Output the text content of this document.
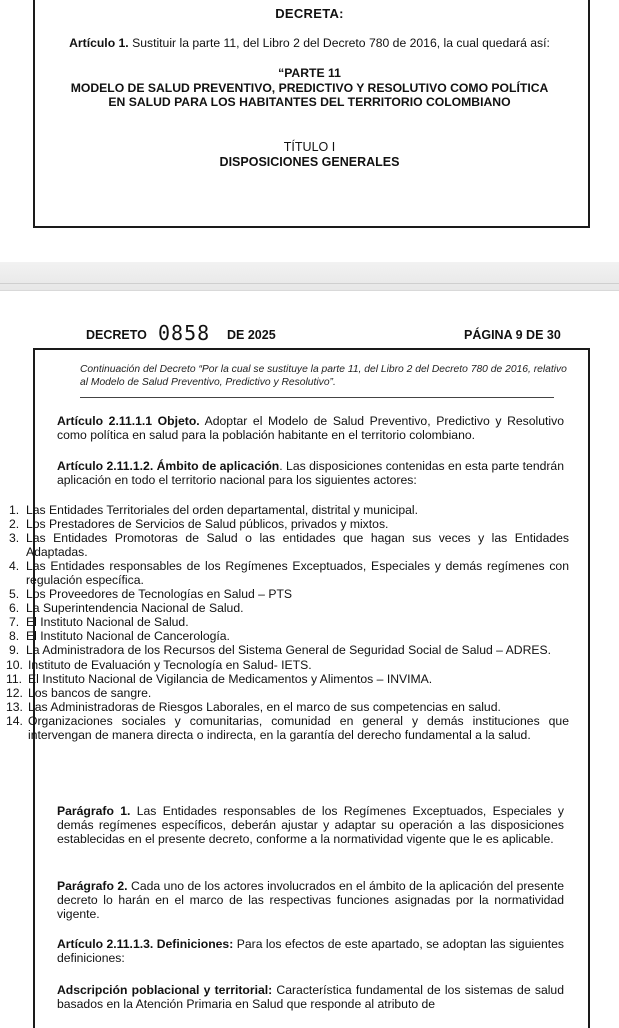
DECRETA:
Artículo 1. Sustituir la parte 11, del Libro 2 del Decreto 780 de 2016, la cual quedará así:
“PARTE 11
MODELO DE SALUD PREVENTIVO, PREDICTIVO Y RESOLUTIVO COMO POLÍTICA
EN SALUD PARA LOS HABITANTES DEL TERRITORIO COLOMBIANO
TÍTULO I
DISPOSICIONES GENERALES
DECRETO 0858 DE 2025	PÁGINA 9 DE 30
Continuación del Decreto “Por la cual se sustituye la parte 11, del Libro 2 del Decreto 780 de 2016, relativo al Modelo de Salud Preventivo, Predictivo y Resolutivo”.
Artículo 2.11.1.1 Objeto. Adoptar el Modelo de Salud Preventivo, Predictivo y Resolutivo como política en salud para la población habitante en el territorio colombiano.
Artículo 2.11.1.2. Ámbito de aplicación. Las disposiciones contenidas en esta parte tendrán aplicación en todo el territorio nacional para los siguientes actores:
1. Las Entidades Territoriales del orden departamental, distrital y municipal.
2. Los Prestadores de Servicios de Salud públicos, privados y mixtos.
3. Las Entidades Promotoras de Salud o las entidades que hagan sus veces y las Entidades Adaptadas.
4. Las Entidades responsables de los Regímenes Exceptuados, Especiales y demás regímenes con regulación específica.
5. Los Proveedores de Tecnologías en Salud – PTS
6. La Superintendencia Nacional de Salud.
7. El Instituto Nacional de Salud.
8. El Instituto Nacional de Cancerología.
9. La Administradora de los Recursos del Sistema General de Seguridad Social de Salud – ADRES.
10. Instituto de Evaluación y Tecnología en Salud- IETS.
11. El Instituto Nacional de Vigilancia de Medicamentos y Alimentos – INVIMA.
12. Los bancos de sangre.
13. Las Administradoras de Riesgos Laborales, en el marco de sus competencias en salud.
14. Organizaciones sociales y comunitarias, comunidad en general y demás instituciones que intervengan de manera directa o indirecta, en la garantía del derecho fundamental a la salud.
Parágrafo 1. Las Entidades responsables de los Regímenes Exceptuados, Especiales y demás regímenes específicos, deberán ajustar y adaptar su operación a las disposiciones establecidas en el presente decreto, conforme a la normatividad vigente que le es aplicable.
Parágrafo 2. Cada uno de los actores involucrados en el ámbito de la aplicación del presente decreto lo harán en el marco de las respectivas funciones asignadas por la normatividad vigente.
Artículo 2.11.1.3. Definiciones: Para los efectos de este apartado, se adoptan las siguientes definiciones:
Adscripción poblacional y territorial: Característica fundamental de los sistemas de salud basados en la Atención Primaria en Salud que responde al atributo de
